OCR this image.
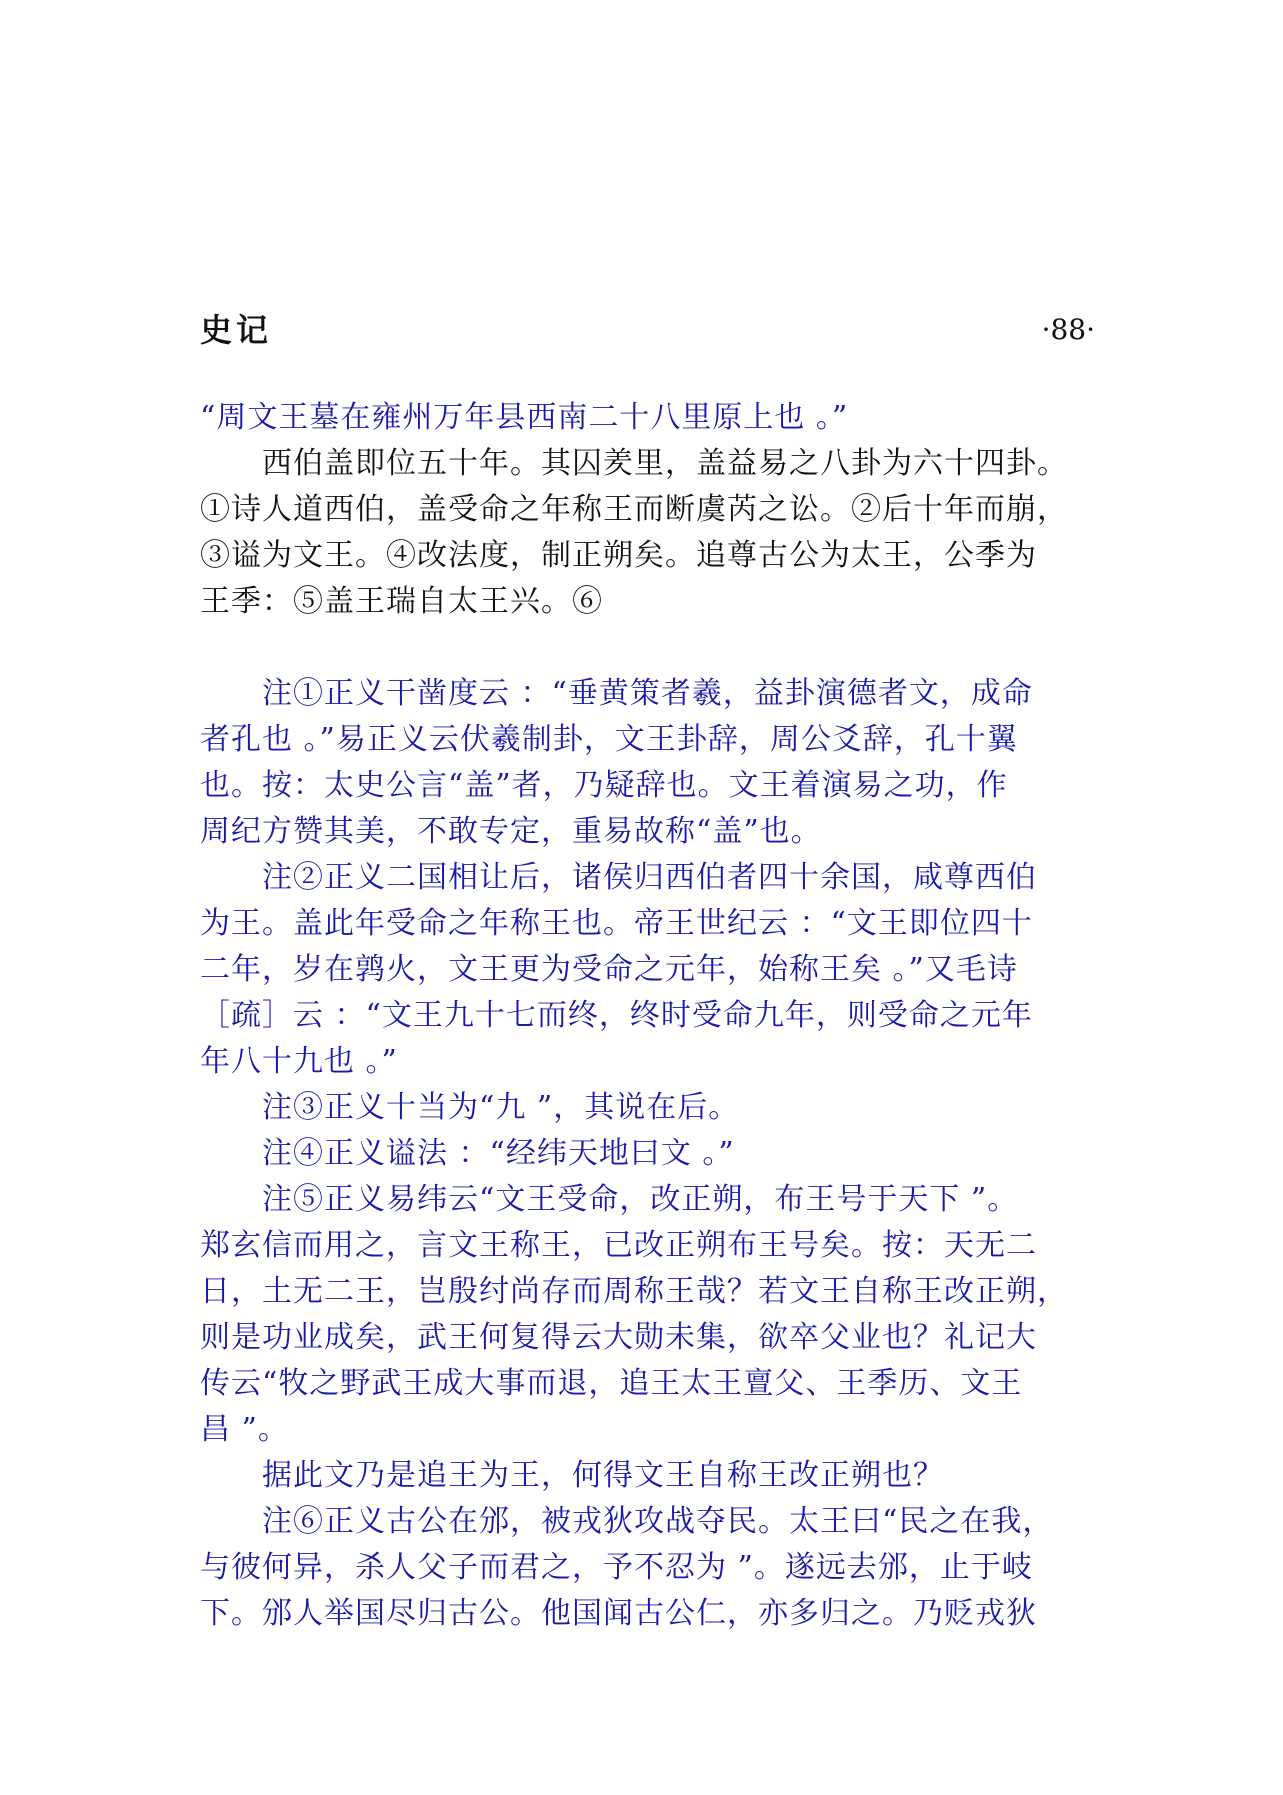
史记	·88·
“周文王墓在雍州万年县西南二十八里原上也 。”
　　西伯盖即位五十年。其囚羑里，盖益易之八卦为六十四卦。
①诗人道西伯，盖受命之年称王而断虞芮之讼。②后十年而崩，
③谥为文王。④改法度，制正朔矣。追尊古公为太王，公季为
王季：⑤盖王瑞自太王兴。⑥
　　注①正义干凿度云 ：“垂黄策者羲，益卦演德者文，成命
者孔也 。”易正义云伏羲制卦，文王卦辞，周公爻辞，孔十翼
也。按：太史公言“盖”者，乃疑辞也。文王着演易之功，作
周纪方赞其美，不敢专定，重易故称“盖”也。
　　注②正义二国相让后，诸侯归西伯者四十余国，咸尊西伯
为王。盖此年受命之年称王也。帝王世纪云 ：“文王即位四十
二年，岁在鹑火，文王更为受命之元年，始称王矣 。”又毛诗
［疏］云 ：“文王九十七而终，终时受命九年，则受命之元年
年八十九也 。”
　　注③正义十当为“九 ”，其说在后。
　　注④正义谥法 ：“经纬天地曰文 。”
　　注⑤正义易纬云“文王受命，改正朔，布王号于天下 ”。
郑玄信而用之，言文王称王，已改正朔布王号矣。按：天无二
日，土无二王，岂殷纣尚存而周称王哉？若文王自称王改正朔，
则是功业成矣，武王何复得云大勋未集，欲卒父业也？礼记大
传云“牧之野武王成大事而退，追王太王亶父、王季历、文王
昌 ”。
　　据此文乃是追王为王，何得文王自称王改正朔也？
　　注⑥正义古公在邠，被戎狄攻战夺民。太王曰“民之在我，
与彼何异，杀人父子而君之，予不忍为 ”。遂远去邠，止于岐
下。邠人举国尽归古公。他国闻古公仁，亦多归之。乃贬戎狄
